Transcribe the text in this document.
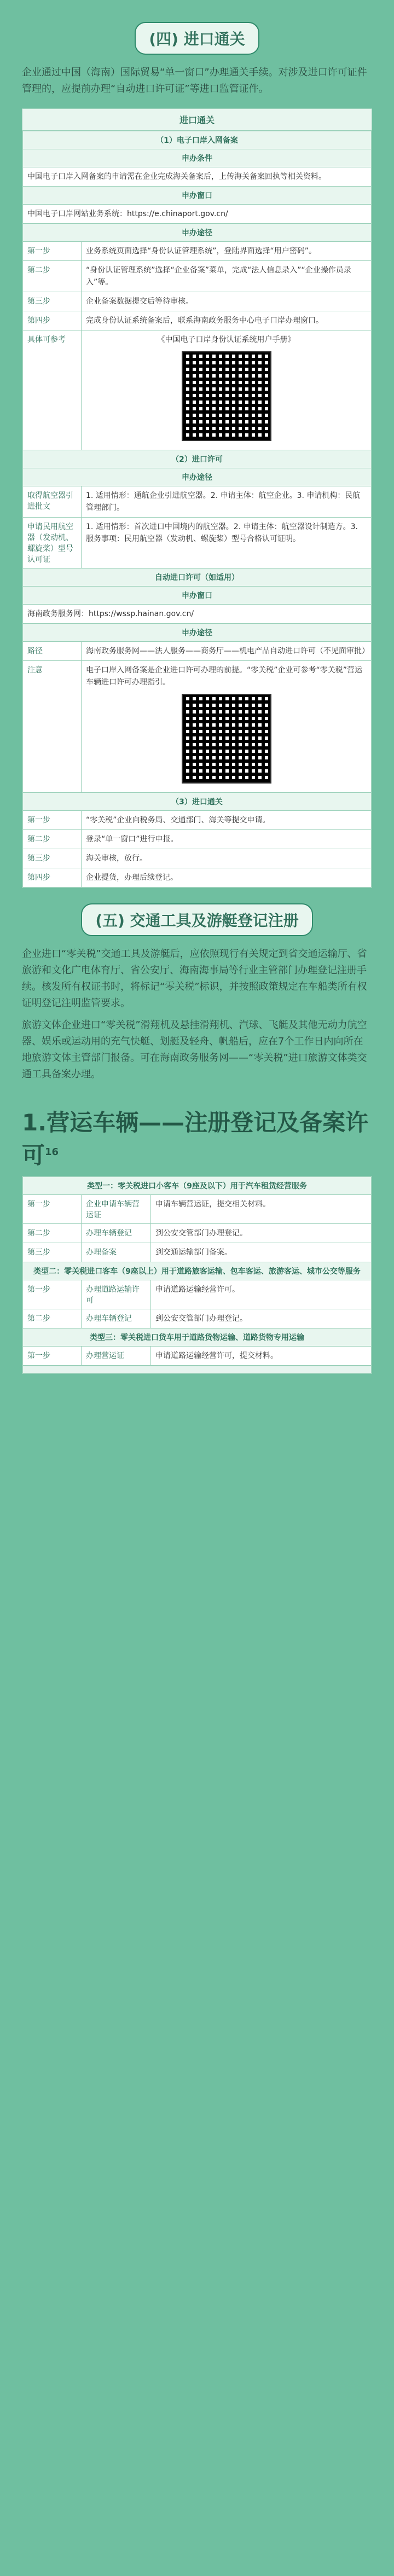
(四) 进口通关
企业通过中国（海南）国际贸易“单一窗口”办理通关手续。对涉及进口许可证件管理的，应提前办理“自动进口许可证”等进口监管证件。
进口通关
（1）电子口岸入网备案	
申办条件	
中国电子口岸入网备案的申请需在企业完成海关备案后，上传海关备案回执等相关资料。	
申办窗口	
中国电子口岸网站业务系统：https://e.chinaport.gov.cn/	
申办途径	
第一步	业务系统页面选择“身份认证管理系统”，登陆界面选择“用户密码”。
第二步	“身份认证管理系统”选择“企业备案”菜单，完成“法人信息录入”“企业操作员录入”等。
第三步	企业备案数据提交后等待审核。
第四步	完成身份认证系统备案后，联系海南政务服务中心电子口岸办理窗口。
具体可参考	《中国电子口岸身份认证系统用户手册》

（2）进口许可	
申办途径	
取得航空器引进批文	1. 适用情形：通航企业引进航空器。2. 申请主体：航空企业。3. 申请机构：民航管理部门。
申请民用航空器（发动机、螺旋桨）型号认可证	1. 适用情形：首次进口中国境内的航空器。2. 申请主体：航空器设计制造方。3. 服务事项：民用航空器（发动机、螺旋桨）型号合格认可证明。
自动进口许可（如适用）	
申办窗口	
海南政务服务网：https://wssp.hainan.gov.cn/	
申办途径	
路径	海南政务服务网——法人服务——商务厅——机电产品自动进口许可（不见面审批）
注意	电子口岸入网备案是企业进口许可办理的前提。“零关税”企业可参考“零关税”营运车辆进口许可办理指引。

（3）进口通关	
第一步	“零关税”企业向税务局、交通部门、海关等提交申请。
第二步	登录“单一窗口”进行申报。
第三步	海关审核，放行。
第四步	企业提货，办理后续登记。
(五) 交通工具及游艇登记注册
企业进口“零关税”交通工具及游艇后，应依照现行有关规定到省交通运输厅、省旅游和文化广电体育厅、省公安厅、海南海事局等行业主管部门办理登记注册手续。核发所有权证书时，将标记“零关税”标识，并按照政策规定在车船类所有权证明登记注明监管要求。
旅游文体企业进口“零关税”滑翔机及悬挂滑翔机、汽球、飞艇及其他无动力航空器、娱乐或运动用的充气快艇、划艇及轻舟、帆船后，应在7个工作日内向所在地旅游文体主管部门报备。可在海南政务服务网——“零关税”进口旅游文体类交通工具备案办理。
1.营运车辆——注册登记及备案许可$^{16}$
类型一：零关税进口小客车（9座及以下）用于汽车租赁经营服务		
第一步	企业申请车辆营运证	申请车辆营运证，提交相关材料。
第二步	办理车辆登记	到公安交管部门办理登记。
第三步	办理备案	到交通运输部门备案。
类型二：零关税进口客车（9座以上）用于道路旅客运输、包车客运、旅游客运、城市公交等服务		
第一步	办理道路运输许可	申请道路运输经营许可。
第二步	办理车辆登记	到公安交管部门办理登记。
类型三：零关税进口货车用于道路货物运输、道路货物专用运输		
第一步	办理营运证	申请道路运输经营许可，提交材料。
